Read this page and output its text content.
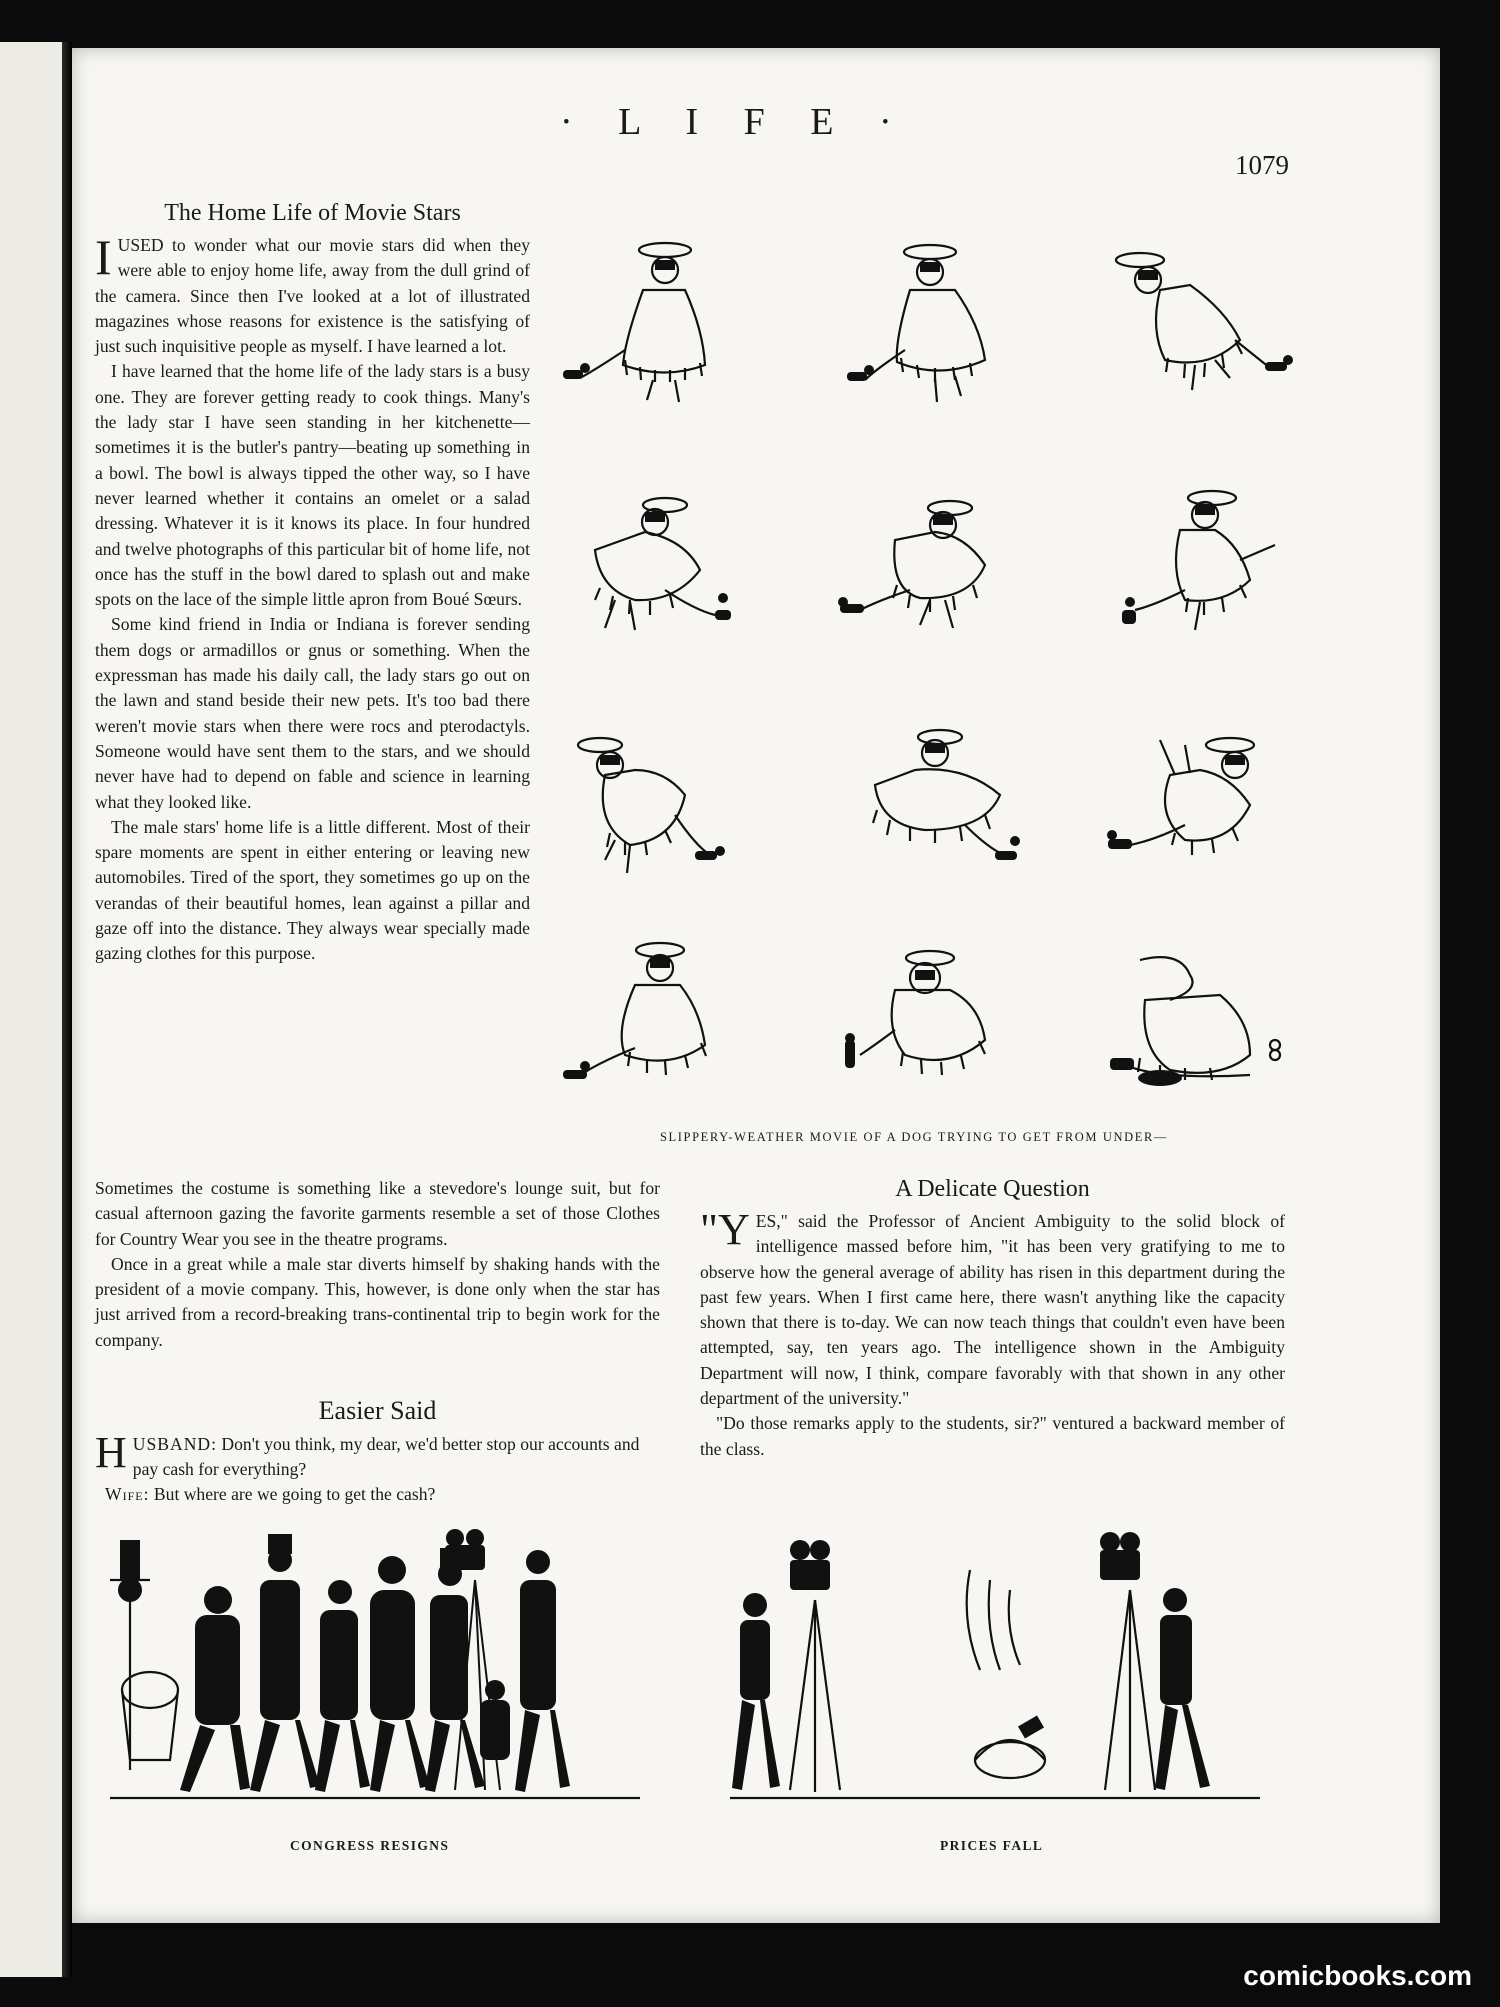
· L I F E ·
1079
The Home Life of Movie Stars

IUSED to wonder what our movie stars did when they were able to enjoy home life, away from the dull grind of the camera. Since then I've looked at a lot of illustrated magazines whose reasons for existence is the satisfying of just such inquisitive people as myself. I have learned a lot.

I have learned that the home life of the lady stars is a busy one. They are forever getting ready to cook things. Many's the lady star I have seen standing in her kitchenette—sometimes it is the butler's pantry—beating up something in a bowl. The bowl is always tipped the other way, so I have never learned whether it contains an omelet or a salad dressing. Whatever it is it knows its place. In four hundred and twelve photographs of this particular bit of home life, not once has the stuff in the bowl dared to splash out and make spots on the lace of the simple little apron from Boué Sœurs.

Some kind friend in India or Indiana is forever sending them dogs or armadillos or gnus or something. When the expressman has made his daily call, the lady stars go out on the lawn and stand beside their new pets. It's too bad there weren't movie stars when there were rocs and pterodactyls. Someone would have sent them to the stars, and we should never have had to depend on fable and science in learning what they looked like.

The male stars' home life is a little different. Most of their spare moments are spent in either entering or leaving new automobiles. Tired of the sport, they sometimes go up on the verandas of their beautiful homes, lean against a pillar and gaze off into the distance. They always wear specially made gazing clothes for this purpose.

Sometimes the costume is something like a stevedore's lounge suit, but for casual afternoon gazing the favorite garments resemble a set of those Clothes for Country Wear you see in the theatre programs.

Once in a great while a male star diverts himself by shaking hands with the president of a movie company. This, however, is done only when the star has just arrived from a record-breaking trans-continental trip to begin work for the company.

Easier Said

HUSBAND: Don't you think, my dear, we'd better stop our accounts and pay cash for everything?

Wife: But where are we going to get the cash?

A Delicate Question

"Y ES," said the Professor of Ancient Ambiguity to the solid block of intelligence massed before him, "it has been very gratifying to me to observe how the general average of ability has risen in this department during the past few years. When I first came here, there wasn't anything like the capacity shown that there is to-day. We can now teach things that couldn't even have been attempted, say, ten years ago. The intelligence shown in the Ambiguity Department will now, I think, compare favorably with that shown in any other department of the university."

"Do those remarks apply to the students, sir?" ventured a backward member of the class.

SLIPPERY-WEATHER MOVIE OF A DOG TRYING TO GET FROM UNDER—
CONGRESS RESIGNS	PRICES FALL
comicbooks.com
